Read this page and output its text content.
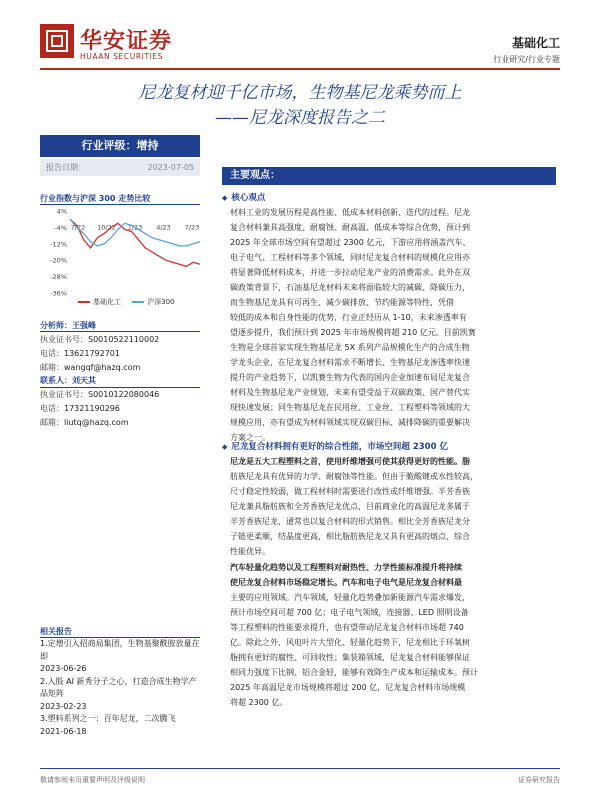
华安证券
HUAAN SECURITIES
基础化工
行业研究/行业专题
尼龙复材迎千亿市场，生物基尼龙乘势而上
——尼龙深度报告之二
行业评级：增持
报告日期：	2023-07-05
行业指数与沪深 300 走势比较
4%
-4%
-12%
-20%
-28%
-36%
7/22 10/22 1/23 4/23 7/23
基础化工	沪深300
分析师：王强峰
执业证书号：S0010522110002
电话：13621792701
邮箱：wangqf@hazq.com
联系人：刘天其
执业证书号：S0010122080046
电话：17321190296
邮箱：liutq@hazq.com
相关报告
1.定增引入招商局集团，生物基聚酰胺放量在即
2023-06-26
2.入股 AI 新秀分子之心，打造合成生物学产品矩阵
2023-02-23
3.塑料系列之一：百年尼龙，二次腾飞
2021-06-18
主要观点：
◆ 核心观点
材料工业的发展历程是高性能、低成本材料创新、迭代的过程。尼龙
复合材料兼具高强度、耐腐蚀、耐高温、低成本等综合优势，预计到
2025 年全球市场空间有望超过 2300 亿元，下游应用将涵盖汽车、
电子电气、工程材料等多个领域，同时尼龙复合材料的规模化应用亦
将显著降低材料成本，并进一步拉动尼龙产业的消费需求。此外在双
碳政策背景下，石油基尼龙材料未来将面临较大的减碳、降碳压力，
而生物基尼龙具有可再生、减少碳排放、节约能源等特性，凭借
较低的成本和自身性能的优势，行业正经历从 1-10，未来渗透率有
望逐步提升，我们预计到 2025 年市场规模将超 210 亿元。目前凯赛
生物是全球首家实现生物基尼龙 5X 系列产品规模化生产的合成生物
学龙头企业，在尼龙复合材料需求不断增长、生物基尼龙渗透率快速
提升的产业趋势下，以凯赛生物为代表的国内企业加速布局尼龙复合
材料及生物基尼龙产业规划，未来有望受益于双碳政策、国产替代实
现快速发展；同生物基尼龙在民用丝、工业丝、工程塑料等领域的大
规模应用，亦有望成为材料领域实现双碳目标、减排降碳的重要解决
方案之一。
◆ 尼龙复合材料拥有更好的综合性能，市场空间超 2300 亿
尼龙是五大工程塑料之首，使用纤维增强可使其获得更好的性能。脂
肪族尼龙具有优异的力学、耐腐蚀等性能。但由于脆酸键或水性较高，
尺寸稳定性较弱，做工程材料时需要进行改性或纤维增强。半芳香族
尼龙兼具脂肪族和全芳香族尼龙优点，目前商业化的高温尼龙多属于
半芳香族尼龙，通常也以复合材料的形式销售。相比全芳香族尼龙分
子链更柔顺，结晶度更高，相比脂肪族尼龙又具有更高的熔点，综合
性能优异。
汽车轻量化趋势以及工程塑料对耐热性、力学性能标准提升将持续
使尼龙复合材料市场稳定增长。汽车和电子电气是尼龙复合材料最
主要的应用领域。汽车领域，轻量化趋势叠加新能源汽车需求爆发，
预计市场空间可超 700 亿；电子电气领域，连接器、LED 照明设备
等工程塑料的性能要求提升，也有望带动尼龙复合材料市场超 740
亿。除此之外，风电叶片大型化、轻量化趋势下，尼龙相比于环氧树
脂拥有更好的腐性、可回收性；集装箱领域，尼龙复合材料能够保证
相同力强度下比钢、铝合金轻，能够有效降生产成本和运输成本。预计
2025 年高温尼龙市场规模将超过 200 亿，尼龙复合材料市场规模
将超 2300 亿。
敬请参阅末页重要声明及评级说明	证券研究报告
